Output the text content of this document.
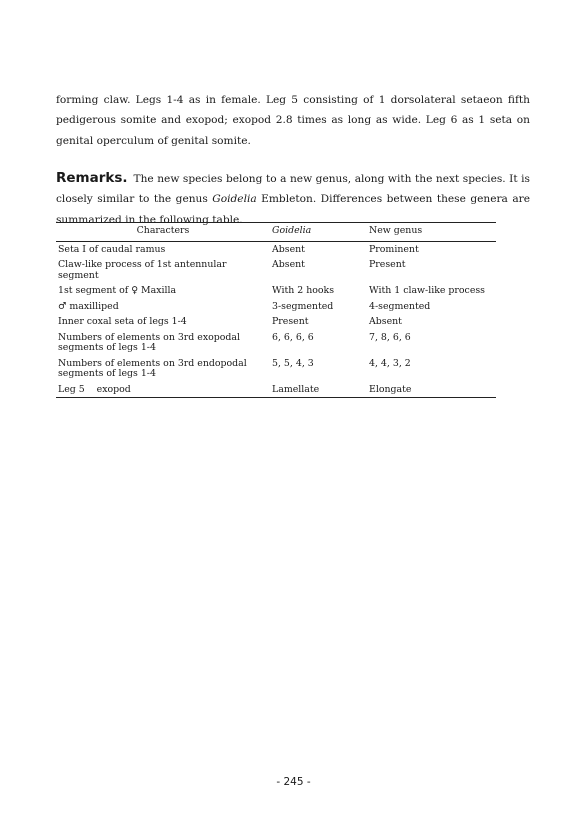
forming claw. Legs 1-4 as in female. Leg 5 consisting of 1 dorsolateral setaeon fifth pedigerous somite and exopod; exopod 2.8 times as long as wide. Leg 6 as 1 seta on genital operculum of genital somite.

Remarks. The new species belong to a new genus, along with the next species. It is closely similar to the genus Goidelia Embleton. Differences between these genera are summarized in the following table.

Characters	Goidelia	New genus
Seta I of caudal ramus	Absent	Prominent
Claw-like process of 1st antennular segment	Absent	Present
1st segment of ♀ Maxilla	With 2 hooks	With 1 claw-like process
♂ maxilliped	3-segmented	4-segmented
Inner coxal seta of legs 1-4	Present	Absent
Numbers of elements on 3rd exopodal segments of legs 1-4	6, 6, 6, 6	7, 8, 6, 6
Numbers of elements on 3rd endopodal segments of legs 1-4	5, 5, 4, 3	4, 4, 3, 2
Leg 5    exopod	Lamellate	Elongate
- 245 -
